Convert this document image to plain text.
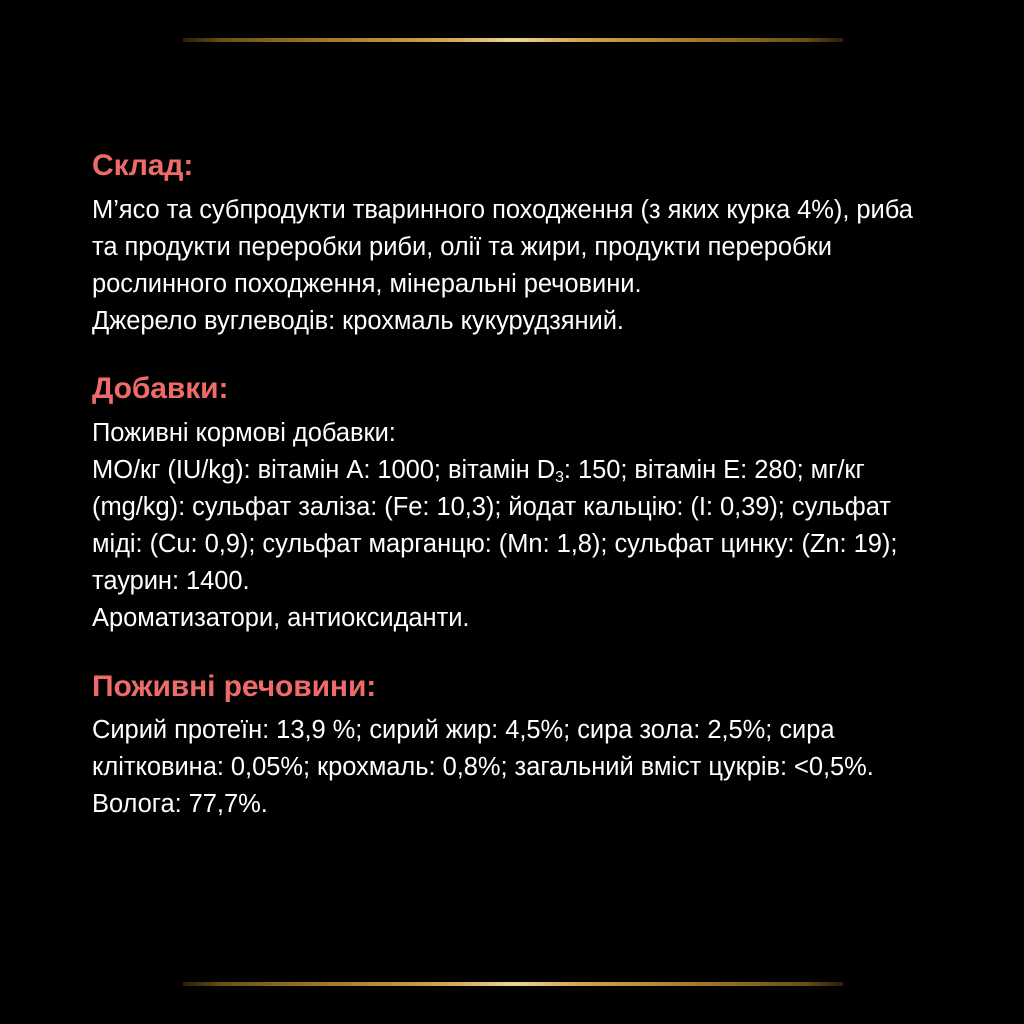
Склад:

М’ясо та субпродукти тваринного походження (з яких курка 4%), риба та продукти переробки риби, олії та жири, продукти переробки рослинного походження, мінеральні речовини.

Джерело вуглеводів: крохмаль кукурудзяний.

Добавки:

Поживні кормові добавки:

МО/кг (IU/kg): вітамін A: 1000; вітамін $D_3$: 150; вітамін E: 280; мг/кг (mg/kg): сульфат заліза: (Fe: 10,3); йодат кальцію: (I: 0,39); сульфат міді: (Cu: 0,9); сульфат марганцю: (Mn: 1,8); сульфат цинку: (Zn: 19); таурин: 1400.

Ароматизатори, антиоксиданти.

Поживні речовини:

Сирий протеїн: 13,9 %; сирий жир: 4,5%; сира зола: 2,5%; сира клітковина: 0,05%; крохмаль: 0,8%; загальний вміст цукрів: <0,5%. Волога: 77,7%.
